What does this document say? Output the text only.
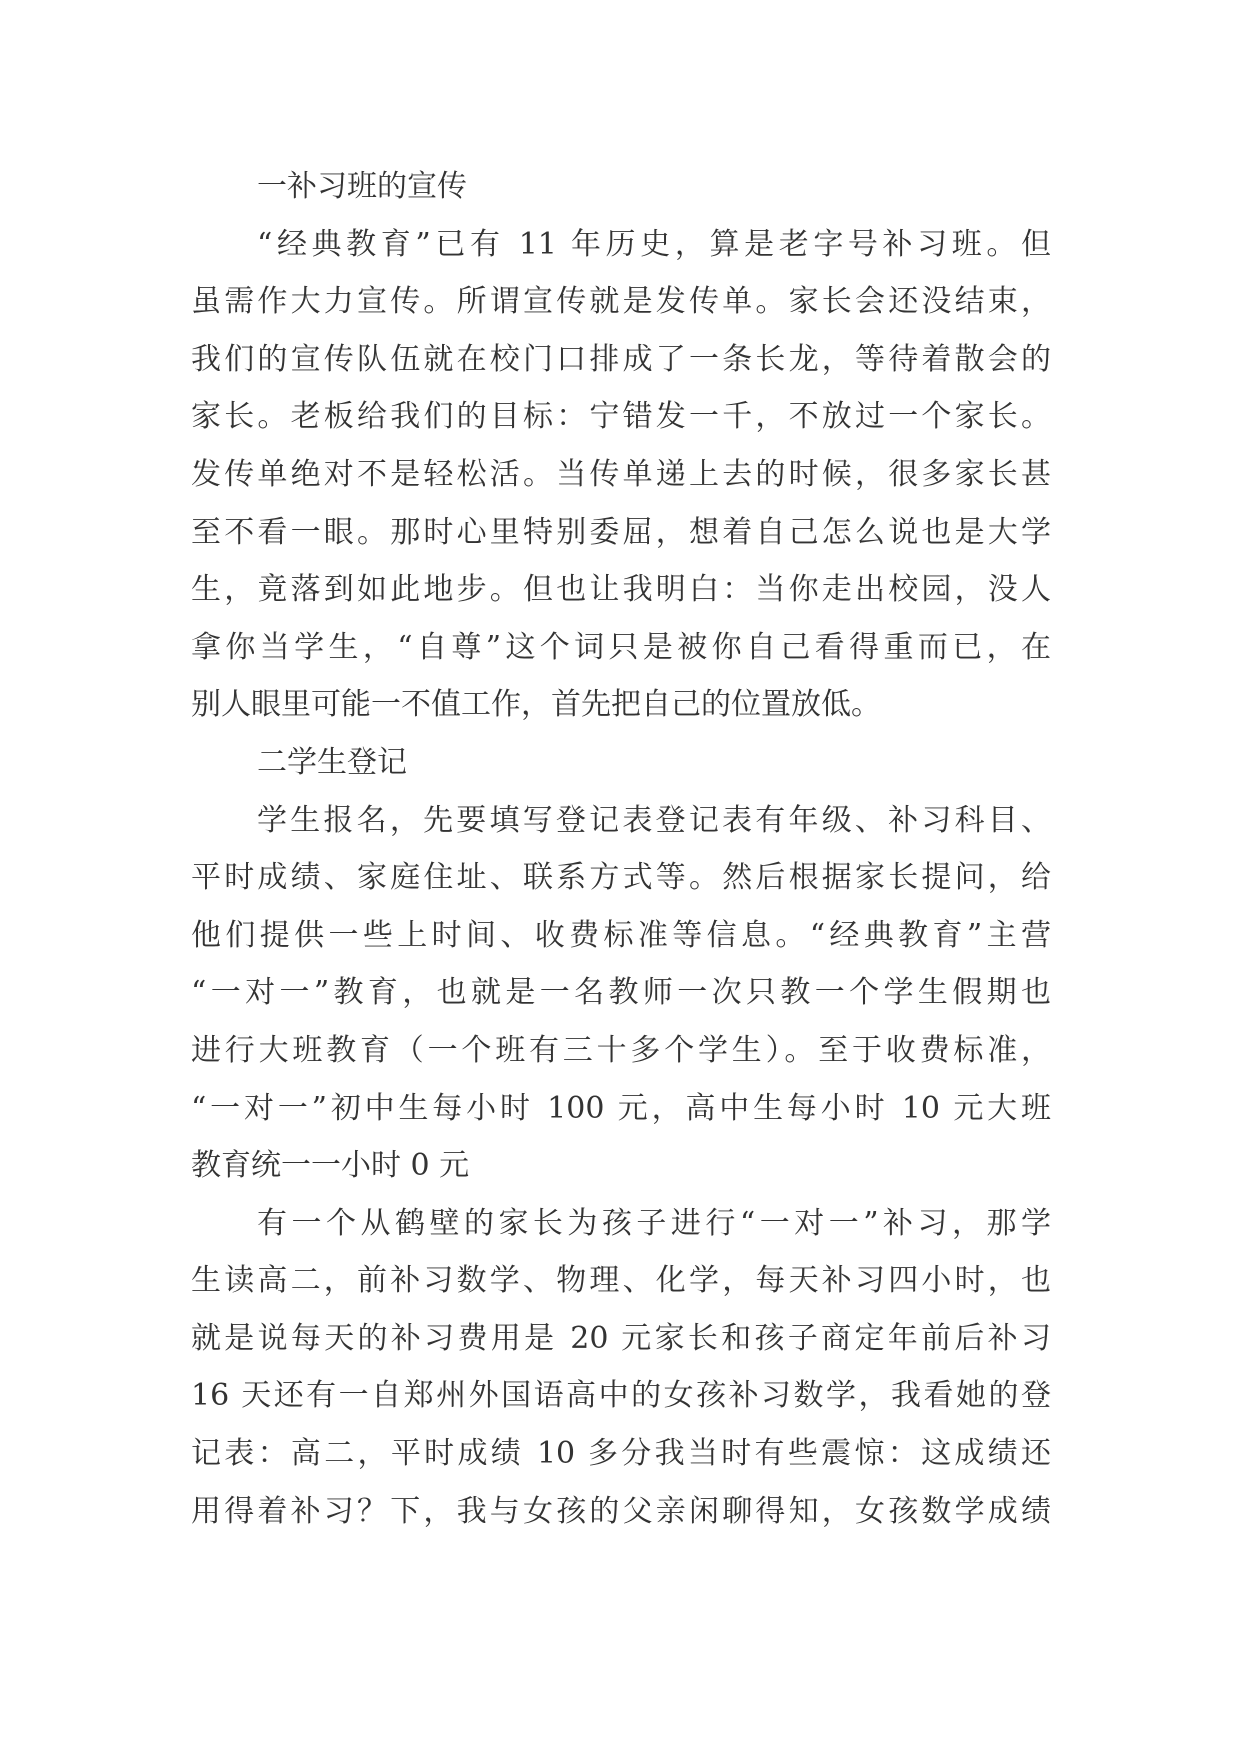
一补习班的宣传
“经典教育”已有 11 年历史，算是老字号补习班。但
虽需作大力宣传。所谓宣传就是发传单。家长会还没结束，
我们的宣传队伍就在校门口排成了一条长龙，等待着散会的
家长。老板给我们的目标：宁错发一千，不放过一个家长。
发传单绝对不是轻松活。当传单递上去的时候，很多家长甚
至不看一眼。那时心里特别委屈，想着自己怎么说也是大学
生，竟落到如此地步。但也让我明白：当你走出校园，没人
拿你当学生，“自尊”这个词只是被你自己看得重而已，在
别人眼里可能一不值工作，首先把自己的位置放低。
二学生登记
学生报名，先要填写登记表登记表有年级、补习科目、
平时成绩、家庭住址、联系方式等。然后根据家长提问，给
他们提供一些上时间、收费标准等信息。“经典教育”主营
“一对一”教育，也就是一名教师一次只教一个学生假期也
进行大班教育（一个班有三十多个学生）。至于收费标准，
“一对一”初中生每小时 100 元，高中生每小时 10 元大班
教育统一一小时 0 元
有一个从鹤壁的家长为孩子进行“一对一”补习，那学
生读高二，前补习数学、物理、化学，每天补习四小时，也
就是说每天的补习费用是 20 元家长和孩子商定年前后补习
16 天还有一自郑州外国语高中的女孩补习数学，我看她的登
记表：高二，平时成绩 10 多分我当时有些震惊：这成绩还
用得着补习？下，我与女孩的父亲闲聊得知，女孩数学成绩
